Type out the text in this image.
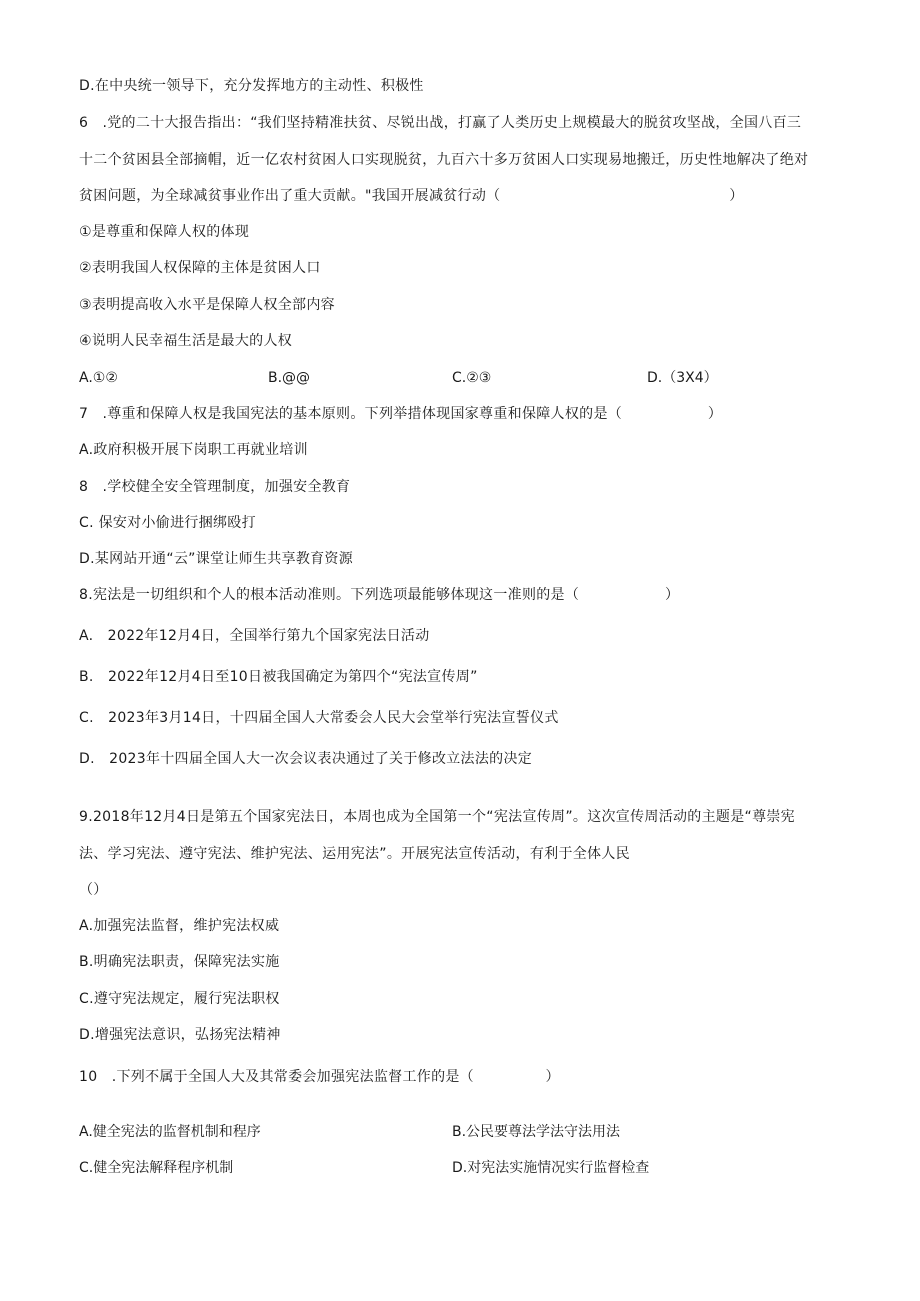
D.在中央统一领导下，充分发挥地方的主动性、积极性
6　.党的二十大报告指出：“我们坚持精准扶贫、尽锐出战，打赢了人类历史上规模最大的脱贫攻坚战，全国八百三
十二个贫困县全部摘帽，近一亿农村贫困人口实现脱贫，九百六十多万贫困人口实现易地搬迁，历史性地解决了绝对
贫困问题，为全球减贫事业作出了重大贡献。"我国开展减贫行动（　　　　　　　　　　　　　　　　）
①是尊重和保障人权的体现
②表明我国人权保障的主体是贫困人口
③表明提高收入水平是保障人权全部内容
④说明人民幸福生活是最大的人权
A.①②	B.@@	C.②③	D.（3X4）
7　.尊重和保障人权是我国宪法的基本原则。下列举措体现国家尊重和保障人权的是（　　　　　　）
A.政府积极开展下岗职工再就业培训
8　.学校健全安全管理制度，加强安全教育
C. 保安对小偷进行捆绑殴打
D.某网站开通“云”课堂让师生共享教育资源
8.宪法是一切组织和个人的根本活动准则。下列选项最能够体现这一准则的是（　　　　　　）
A.　2022年12月4日，全国举行第九个国家宪法日活动
B.　2022年12月4日至10日被我国确定为第四个“宪法宣传周”
C.　2023年3月14日，十四届全国人大常委会人民大会堂举行宪法宣誓仪式
D.　2023年十四届全国人大一次会议表决通过了关于修改立法法的决定
9.2018年12月4日是第五个国家宪法日，本周也成为全国第一个“宪法宣传周”。这次宣传周活动的主题是“尊崇宪
法、学习宪法、遵守宪法、维护宪法、运用宪法”。开展宪法宣传活动，有利于全体人民
（）
A.加强宪法监督，维护宪法权威
B.明确宪法职责，保障宪法实施
C.遵守宪法规定，履行宪法职权
D.增强宪法意识，弘扬宪法精神
10　.下列不属于全国人大及其常委会加强宪法监督工作的是（　　　　　）
A.健全宪法的监督机制和程序	B.公民要尊法学法守法用法
C.健全宪法解释程序机制	D.对宪法实施情况实行监督检查
